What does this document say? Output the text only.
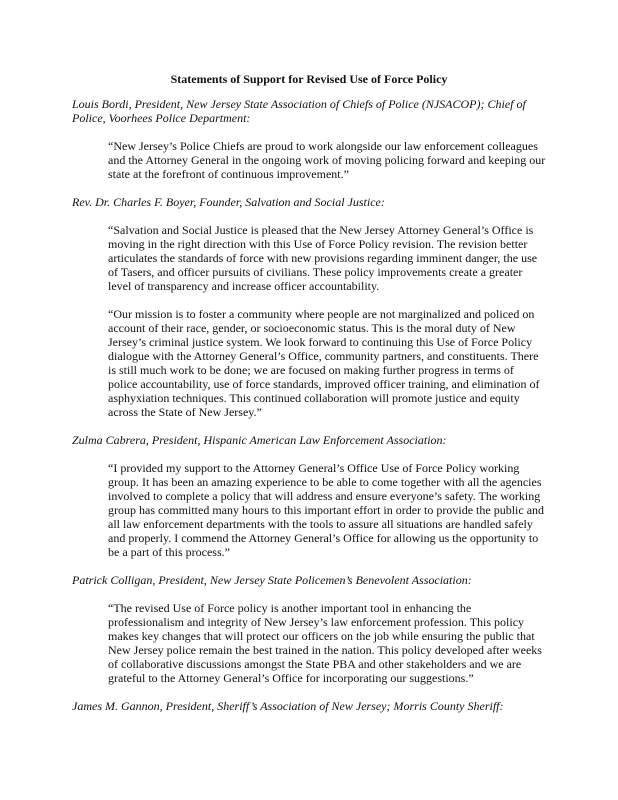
Statements of Support for Revised Use of Force Policy
Louis Bordi, President, New Jersey State Association of Chiefs of Police (NJSACOP); Chief of Police, Voorhees Police Department:
“New Jersey’s Police Chiefs are proud to work alongside our law enforcement colleagues and the Attorney General in the ongoing work of moving policing forward and keeping our state at the forefront of continuous improvement.”
Rev. Dr. Charles F. Boyer, Founder, Salvation and Social Justice:
“Salvation and Social Justice is pleased that the New Jersey Attorney General’s Office is moving in the right direction with this Use of Force Policy revision. The revision better articulates the standards of force with new provisions regarding imminent danger, the use of Tasers, and officer pursuits of civilians. These policy improvements create a greater level of transparency and increase officer accountability.
“Our mission is to foster a community where people are not marginalized and policed on account of their race, gender, or socioeconomic status. This is the moral duty of New Jersey’s criminal justice system. We look forward to continuing this Use of Force Policy dialogue with the Attorney General’s Office, community partners, and constituents. There is still much work to be done; we are focused on making further progress in terms of police accountability, use of force standards, improved officer training, and elimination of asphyxiation techniques. This continued collaboration will promote justice and equity across the State of New Jersey.”
Zulma Cabrera, President, Hispanic American Law Enforcement Association:
“I provided my support to the Attorney General’s Office Use of Force Policy working group. It has been an amazing experience to be able to come together with all the agencies involved to complete a policy that will address and ensure everyone’s safety. The working group has committed many hours to this important effort in order to provide the public and all law enforcement departments with the tools to assure all situations are handled safely and properly. I commend the Attorney General’s Office for allowing us the opportunity to be a part of this process.”
Patrick Colligan, President, New Jersey State Policemen’s Benevolent Association:
“The revised Use of Force policy is another important tool in enhancing the professionalism and integrity of New Jersey’s law enforcement profession. This policy makes key changes that will protect our officers on the job while ensuring the public that New Jersey police remain the best trained in the nation. This policy developed after weeks of collaborative discussions amongst the State PBA and other stakeholders and we are grateful to the Attorney General’s Office for incorporating our suggestions.”
James M. Gannon, President, Sheriff’s Association of New Jersey; Morris County Sheriff:
